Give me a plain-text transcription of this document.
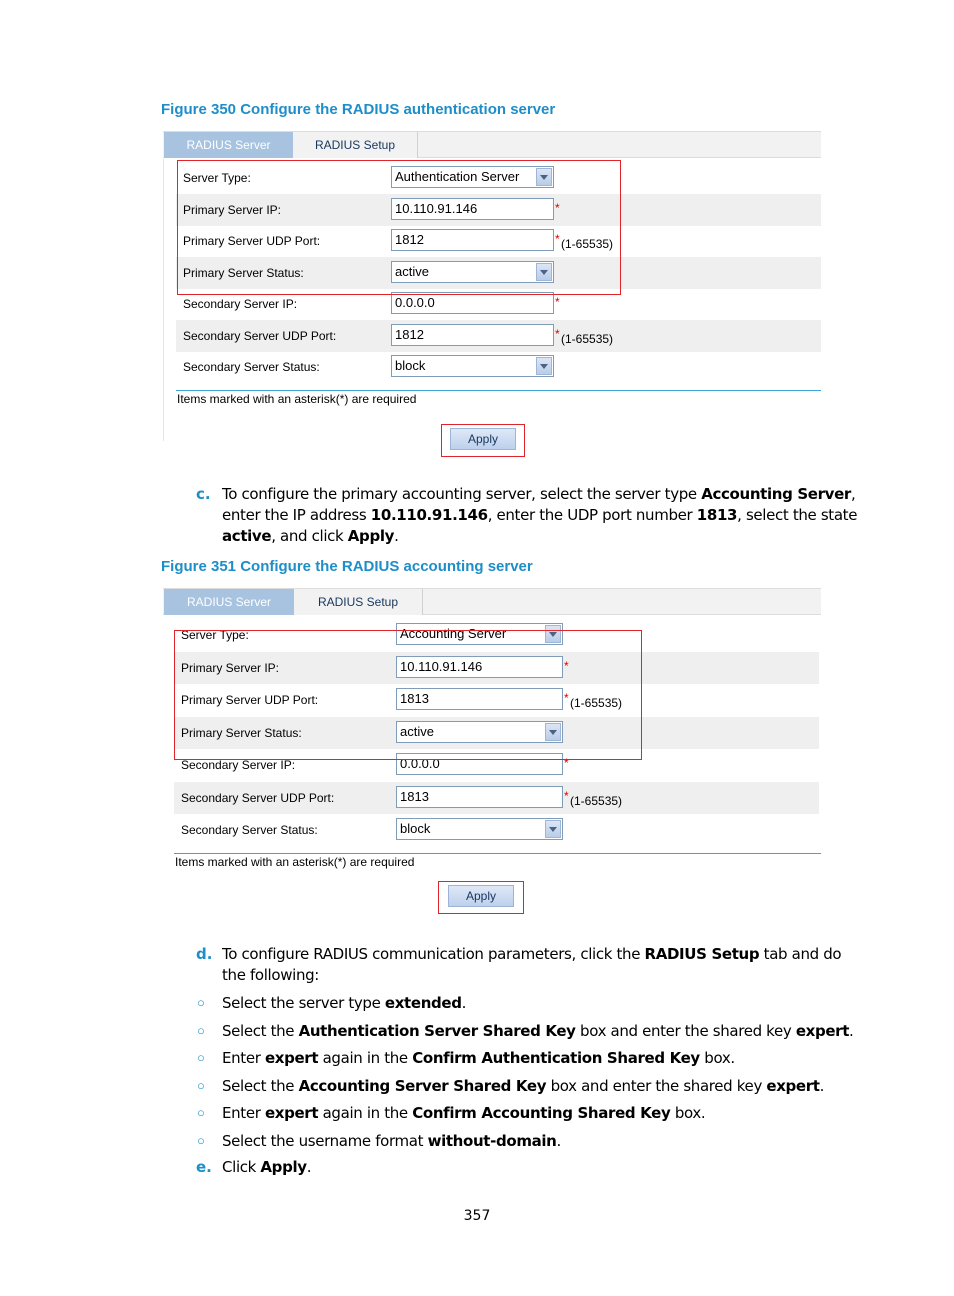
Figure 350 Configure the RADIUS authentication server
RADIUS Server	RADIUS Setup
Server Type:	Authentication Server
Primary Server IP:	10.110.91.146	*
Primary Server UDP Port:	1812	* (1-65535)
Primary Server Status:	active
Secondary Server IP:	0.0.0.0	*
Secondary Server UDP Port:	1812	* (1-65535)
Secondary Server Status:	block
Items marked with an asterisk(*) are required
Apply
c. To configure the primary accounting server, select the server type Accounting Server, enter the IP address 10.110.91.146, enter the UDP port number 1813, select the state active, and click Apply.
Figure 351 Configure the RADIUS accounting server
RADIUS Server	RADIUS Setup
Server Type:	Accounting Server
Primary Server IP:	10.110.91.146	*
Primary Server UDP Port:	1813	* (1-65535)
Primary Server Status:	active
Secondary Server IP:	0.0.0.0	*
Secondary Server UDP Port:	1813	* (1-65535)
Secondary Server Status:	block
Items marked with an asterisk(*) are required
Apply
d. To configure RADIUS communication parameters, click the RADIUS Setup tab and do the following:
○ Select the server type extended.
○ Select the Authentication Server Shared Key box and enter the shared key expert.
○ Enter expert again in the Confirm Authentication Shared Key box.
○ Select the Accounting Server Shared Key box and enter the shared key expert.
○ Enter expert again in the Confirm Accounting Shared Key box.
○ Select the username format without-domain.
e. Click Apply.
357
